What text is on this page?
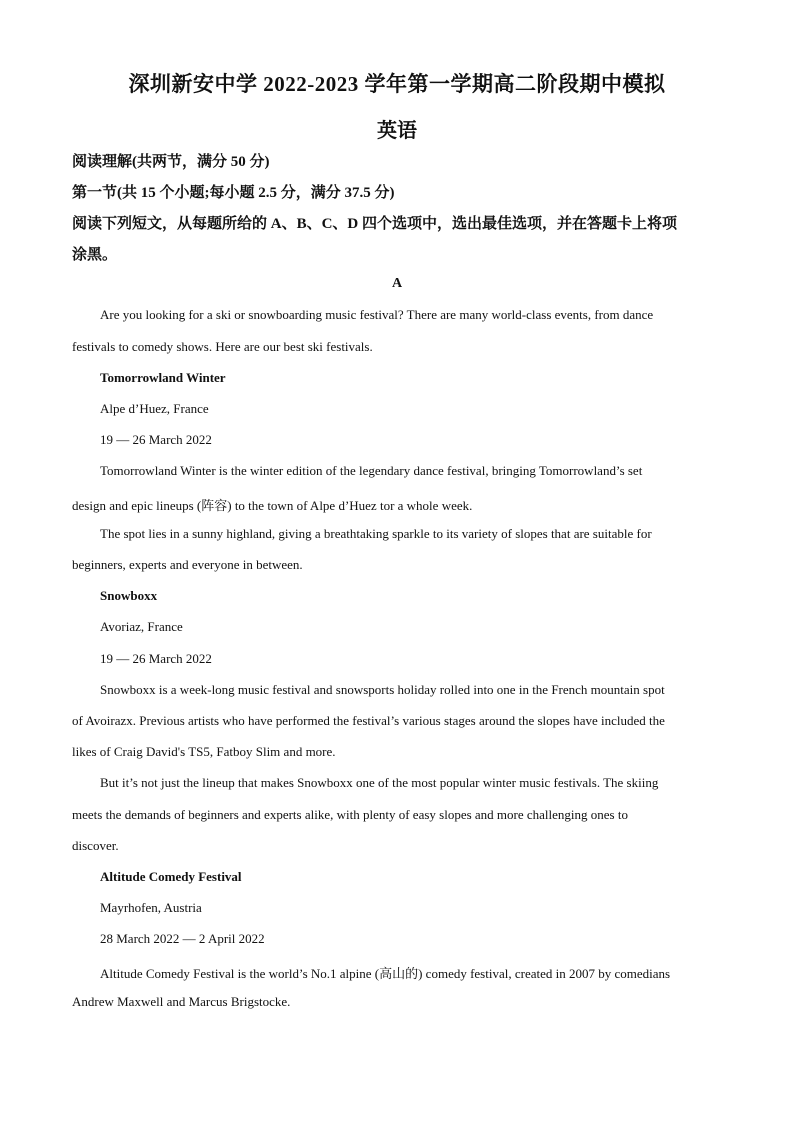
深圳新安中学 2022-2023 学年第一学期高二阶段期中模拟
英语
阅读理解(共两节，满分 50 分)
第一节(共 15 个小题;每小题 2.5 分，满分 37.5 分)
阅读下列短文，从每题所给的 A、B、C、D 四个选项中，选出最佳选项，并在答题卡上将项
涂黑。
A
Are you looking for a ski or snowboarding music festival? There are many world-class events, from dance
festivals to comedy shows. Here are our best ski festivals.
Tomorrowland Winter
Alpe d’Huez, France
19 — 26 March 2022
Tomorrowland Winter is the winter edition of the legendary dance festival, bringing Tomorrowland’s set
design and epic lineups (阵容) to the town of Alpe d’Huez tor a whole week.
The spot lies in a sunny highland, giving a breathtaking sparkle to its variety of slopes that are suitable for
beginners, experts and everyone in between.
Snowboxx
Avoriaz, France
19 — 26 March 2022
Snowboxx is a week-long music festival and snowsports holiday rolled into one in the French mountain spot
of Avoirazx. Previous artists who have performed the festival’s various stages around the slopes have included the
likes of Craig David's TS5, Fatboy Slim and more.
But it’s not just the lineup that makes Snowboxx one of the most popular winter music festivals. The skiing
meets the demands of beginners and experts alike, with plenty of easy slopes and more challenging ones to
discover.
Altitude Comedy Festival
Mayrhofen, Austria
28 March 2022 — 2 April 2022
Altitude Comedy Festival is the world’s No.1 alpine (高山的) comedy festival, created in 2007 by comedians
Andrew Maxwell and Marcus Brigstocke.
